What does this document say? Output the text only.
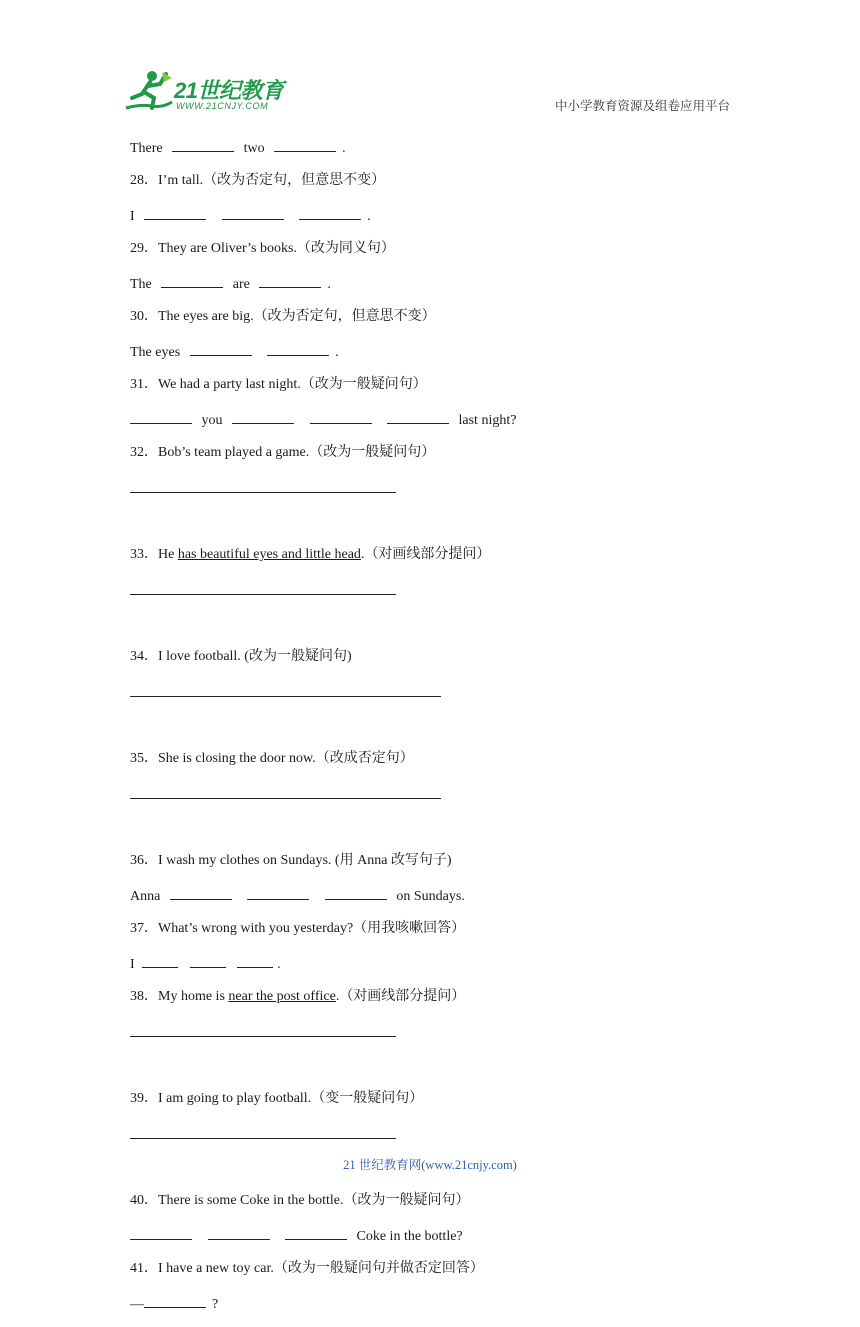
21世纪教育
WWW.21CNJY.COM	中小学教育资源及组卷应用平台
There	two	.
28．I’m tall.（改为否定句，但意思不变）
I	.
29．They are Oliver’s books.（改为同义句）
The	are	.
30．The eyes are big.（改为否定句，但意思不变）
The eyes	.
31．We had a party last night.（改为一般疑问句）
you	last night?
32．Bob’s team played a game.（改为一般疑问句）
33．He has beautiful eyes and little head.（对画线部分提问）
34．I love football. (改为一般疑问句)
35．She is closing the door now.（改成否定句）
36．I wash my clothes on Sundays. (用 Anna 改写句子)
Anna	on Sundays.
37．What’s wrong with you yesterday?（用我咳嗽回答）
I	.
38．My home is near the post office.（对画线部分提问）
39．I am going to play football.（变一般疑问句）
40．There is some Coke in the bottle.（改为一般疑问句）
Coke in the bottle?
41．I have a new toy car.（改为一般疑问句并做否定回答）
—	?
21 世纪教育网(www.21cnjy.com)
